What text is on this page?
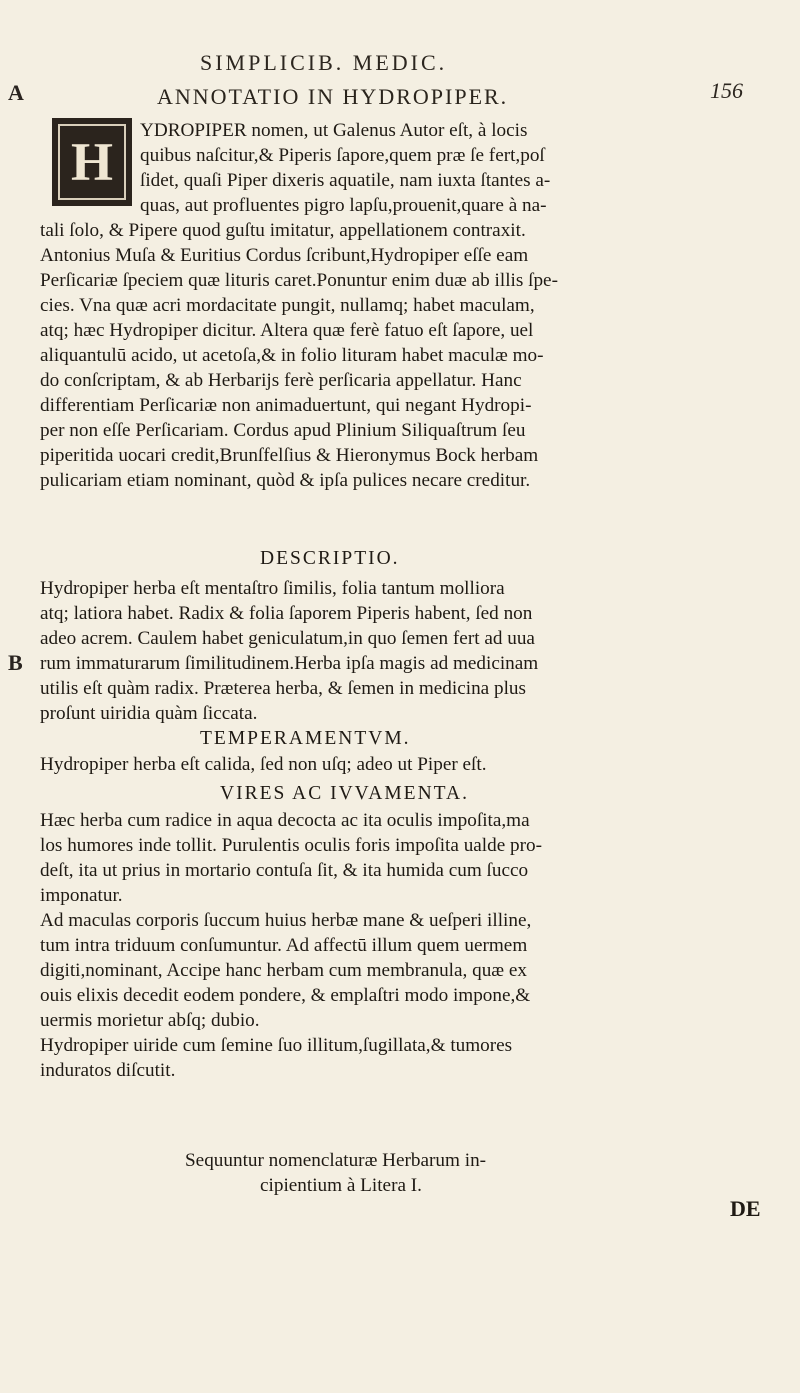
A
B
SIMPLICIB. MEDIC.
156
ANNOTATIO IN HYDROPIPER.
H
YDROPIPER nomen, ut Galenus Autor eſt, à locis
quibus naſcitur,& Piperis ſapore,quem præ ſe fert,poſ
ſidet, quaſi Piper dixeris aquatile, nam iuxta ſtantes a-
quas, aut profluentes pigro lapſu,prouenit,quare à na-
tali ſolo, & Pipere quod guſtu imitatur, appellationem contraxit.
Antonius Muſa & Euritius Cordus ſcribunt,Hydropiper eſſe eam
Perſicariæ ſpeciem quæ lituris caret.Ponuntur enim duæ ab illis ſpe-
cies. Vna quæ acri mordacitate pungit, nullamq; habet maculam,
atq; hæc Hydropiper dicitur. Altera quæ ferè fatuo eſt ſapore, uel
aliquantulū acido, ut acetoſa,& in folio lituram habet maculæ mo-
do conſcriptam, & ab Herbarijs ferè perſicaria appellatur. Hanc
differentiam Perſicariæ non animaduertunt, qui negant Hydropi-
per non eſſe Perſicariam. Cordus apud Plinium Siliquaſtrum ſeu
piperitida uocari credit,Brunſfelſius & Hieronymus Bock herbam
pulicariam etiam nominant, quòd & ipſa pulices necare creditur.
DESCRIPTIO.
Hydropiper herba eſt mentaſtro ſimilis, folia tantum molliora
atq; latiora habet. Radix & folia ſaporem Piperis habent, ſed non
adeo acrem. Caulem habet geniculatum,in quo ſemen fert ad uua
rum immaturarum ſimilitudinem.Herba ipſa magis ad medicinam
utilis eſt quàm radix. Præterea herba, & ſemen in medicina plus
proſunt uiridia quàm ſiccata.
TEMPERAMENTVM.
Hydropiper herba eſt calida, ſed non uſq; adeo ut Piper eſt.
VIRES AC IVVAMENTA.
Hæc herba cum radice in aqua decocta ac ita oculis impoſita,ma
los humores inde tollit. Purulentis oculis foris impoſita ualde pro-
deſt, ita ut prius in mortario contuſa ſit, & ita humida cum ſucco
imponatur.
Ad maculas corporis ſuccum huius herbæ mane & ueſperi illine,
tum intra triduum conſumuntur. Ad affectū illum quem uermem
digiti,nominant, Accipe hanc herbam cum membranula, quæ ex
ouis elixis decedit eodem pondere, & emplaſtri modo impone,&
uermis morietur abſq; dubio.
Hydropiper uiride cum ſemine ſuo illitum,ſugillata,& tumores
induratos diſcutit.
Sequuntur nomenclaturæ Herbarum in-
cipientium à Litera I.
DE
